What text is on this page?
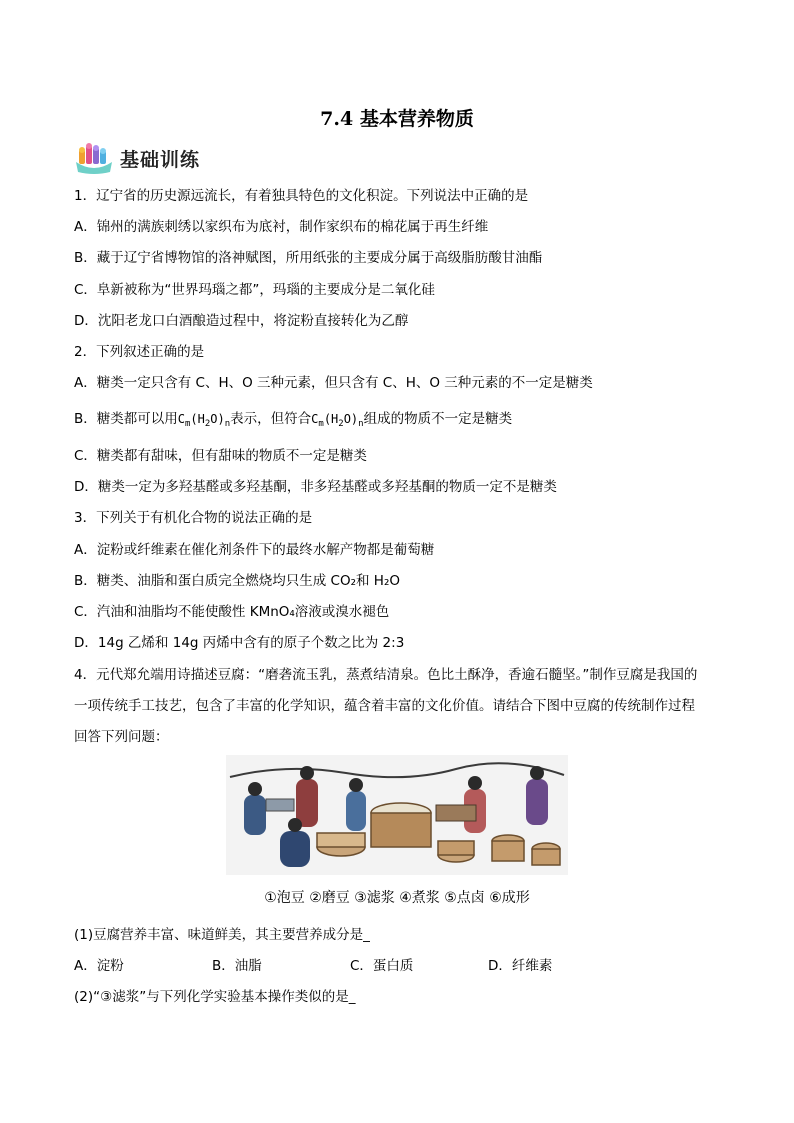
7.4 基本营养物质
基础训练
1．辽宁省的历史源远流长，有着独具特色的文化积淀。下列说法中正确的是
A．锦州的满族刺绣以家织布为底衬，制作家织布的棉花属于再生纤维
B．藏于辽宁省博物馆的洛神赋图，所用纸张的主要成分属于高级脂肪酸甘油酯
C．阜新被称为“世界玛瑙之都”，玛瑙的主要成分是二氧化硅
D．沈阳老龙口白酒酿造过程中，将淀粉直接转化为乙醇
2．下列叙述正确的是
A．糖类一定只含有 C、H、O 三种元素，但只含有 C、H、O 三种元素的不一定是糖类
B．糖类都可以用$C_m(H_2O)_n$表示，但符合$C_m(H_2O)_n$组成的物质不一定是糖类
C．糖类都有甜味，但有甜味的物质不一定是糖类
D．糖类一定为多羟基醛或多羟基酮，非多羟基醛或多羟基酮的物质一定不是糖类
3．下列关于有机化合物的说法正确的是
A．淀粉或纤维素在催化剂条件下的最终水解产物都是葡萄糖
B．糖类、油脂和蛋白质完全燃烧均只生成 CO₂和 H₂O
C．汽油和油脂均不能使酸性 KMnO₄溶液或溴水褪色
D．14g 乙烯和 14g 丙烯中含有的原子个数之比为 2:3
4．元代郑允端用诗描述豆腐：“磨砻流玉乳，蒸煮结清泉。色比土酥净，香逾石髓坚。”制作豆腐是我国的
一项传统手工技艺，包含了丰富的化学知识，蕴含着丰富的文化价值。请结合下图中豆腐的传统制作过程
回答下列问题：
①泡豆 ②磨豆 ③滤浆 ④煮浆 ⑤点卤 ⑥成形
(1)豆腐营养丰富、味道鲜美，其主要营养成分是_
A．淀粉	B．油脂	C．蛋白质	D．纤维素
(2)“③滤浆”与下列化学实验基本操作类似的是_
